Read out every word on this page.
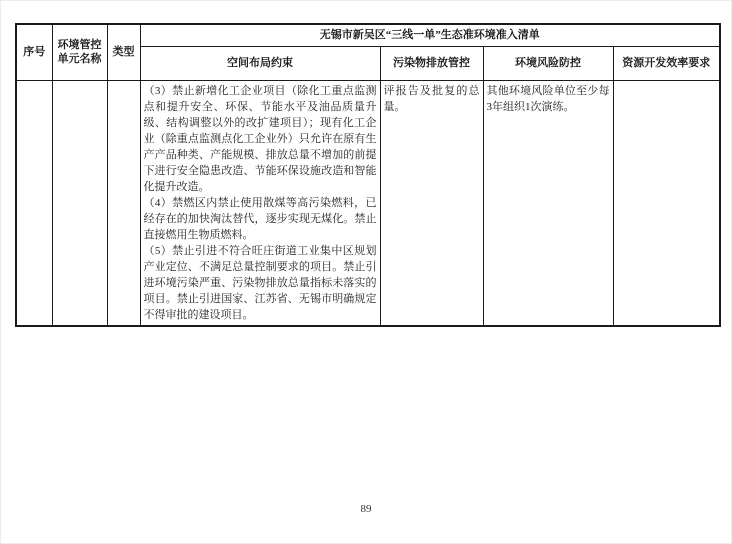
序号	环境管控单元名称	类型	无锡市新吴区“三线一单”生态准环境准入清单			
			空间布局约束	污染物排放管控	环境风险防控	资源开发效率要求

			（3）禁止新增化工企业项目（除化工重点监测点和提升安全、环保、节能水平及油品质量升级、结构调整以外的改扩建项目）；现有化工企业（除重点监测点化工企业外）只允许在原有生产产品种类、产能规模、排放总量不增加的前提下进行安全隐患改造、节能环保设施改造和智能化提升改造。

（4）禁燃区内禁止使用散煤等高污染燃料，已经存在的加快淘汰替代，逐步实现无煤化。禁止直接燃用生物质燃料。

（5）禁止引进不符合旺庄街道工业集中区规划产业定位、不满足总量控制要求的项目。禁止引进环境污染严重、污染物排放总量指标未落实的项目。禁止引进国家、江苏省、无锡市明确规定不得审批的建设项目。	评报告及批复的总量。	其他环境风险单位至少每3年组织1次演练。	
89
